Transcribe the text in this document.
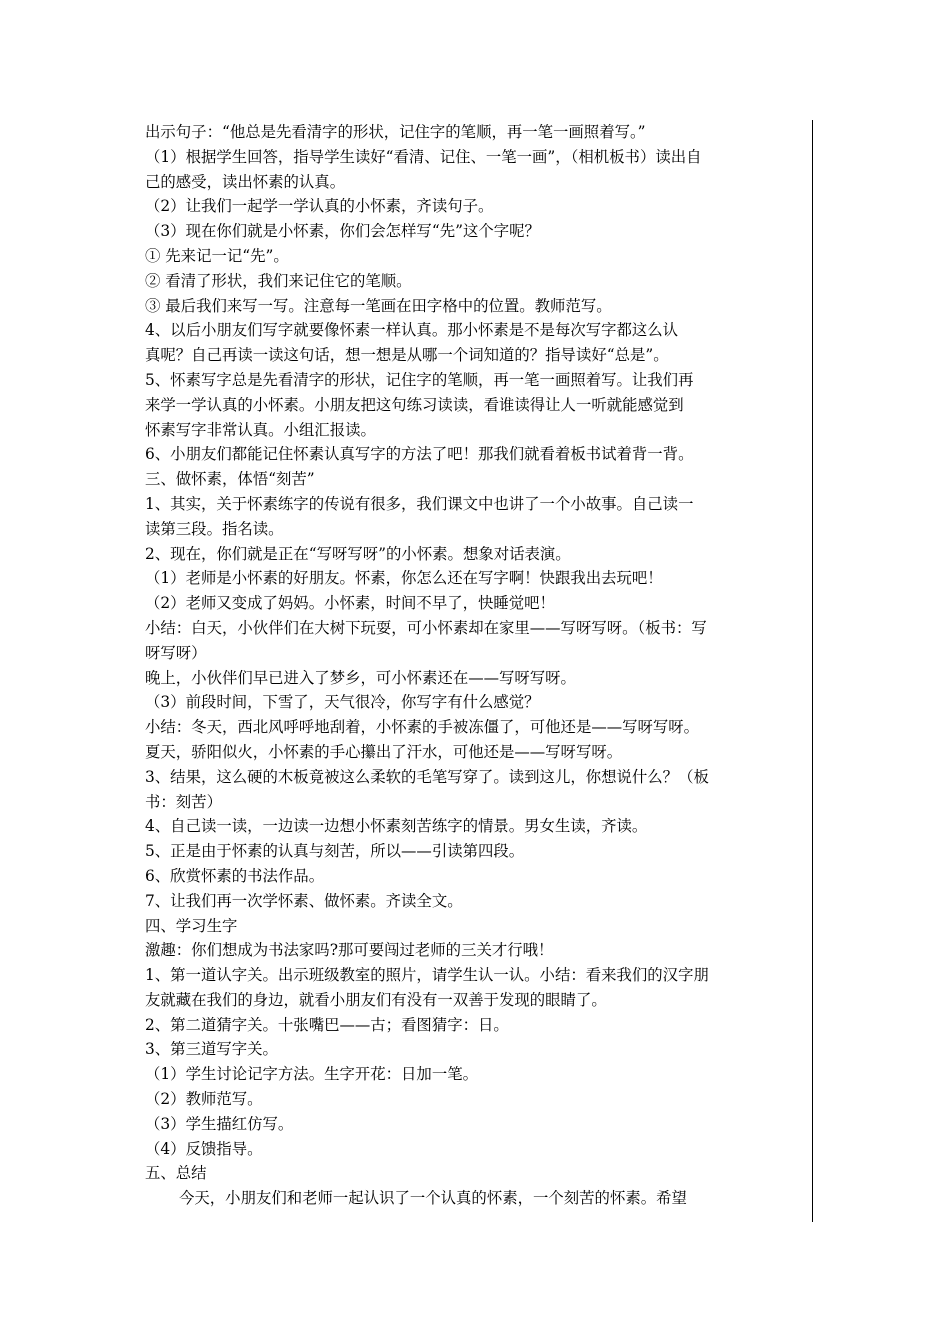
出示句子：“他总是先看清字的形状，记住字的笔顺，再一笔一画照着写。”
（1）根据学生回答，指导学生读好“看清、记住、一笔一画”，（相机板书）读出自
己的感受，读出怀素的认真。
（2）让我们一起学一学认真的小怀素，齐读句子。
（3）现在你们就是小怀素，你们会怎样写“先”这个字呢？
① 先来记一记“先”。
② 看清了形状，我们来记住它的笔顺。
③ 最后我们来写一写。注意每一笔画在田字格中的位置。教师范写。
4、以后小朋友们写字就要像怀素一样认真。那小怀素是不是每次写字都这么认
真呢？自己再读一读这句话，想一想是从哪一个词知道的？指导读好“总是”。
5、怀素写字总是先看清字的形状，记住字的笔顺，再一笔一画照着写。让我们再
来学一学认真的小怀素。小朋友把这句练习读读，看谁读得让人一听就能感觉到
怀素写字非常认真。小组汇报读。
6、小朋友们都能记住怀素认真写字的方法了吧！那我们就看着板书试着背一背。
三、做怀素，体悟“刻苦”
1、其实，关于怀素练字的传说有很多，我们课文中也讲了一个小故事。自己读一
读第三段。指名读。
2、现在，你们就是正在“写呀写呀”的小怀素。想象对话表演。
（1）老师是小怀素的好朋友。怀素，你怎么还在写字啊！快跟我出去玩吧！
（2）老师又变成了妈妈。小怀素，时间不早了，快睡觉吧！
小结：白天，小伙伴们在大树下玩耍，可小怀素却在家里——写呀写呀。（板书：写
呀写呀）
晚上，小伙伴们早已进入了梦乡，可小怀素还在——写呀写呀。
（3）前段时间，下雪了，天气很冷，你写字有什么感觉？
小结：冬天，西北风呼呼地刮着，小怀素的手被冻僵了，可他还是——写呀写呀。
夏天，骄阳似火，小怀素的手心攥出了汗水，可他还是——写呀写呀。
3、结果，这么硬的木板竟被这么柔软的毛笔写穿了。读到这儿，你想说什么？（板
书：刻苦）
4、自己读一读，一边读一边想小怀素刻苦练字的情景。男女生读，齐读。
5、正是由于怀素的认真与刻苦，所以——引读第四段。
6、欣赏怀素的书法作品。
7、让我们再一次学怀素、做怀素。齐读全文。
四、学习生字
激趣：你们想成为书法家吗?那可要闯过老师的三关才行哦！
1、第一道认字关。出示班级教室的照片，请学生认一认。小结：看来我们的汉字朋
友就藏在我们的身边，就看小朋友们有没有一双善于发现的眼睛了。
2、第二道猜字关。十张嘴巴——古；看图猜字：日。
3、第三道写字关。
（1）学生讨论记字方法。生字开花：日加一笔。
（2）教师范写。
（3）学生描红仿写。
（4）反馈指导。
五、总结
今天，小朋友们和老师一起认识了一个认真的怀素，一个刻苦的怀素。希望
